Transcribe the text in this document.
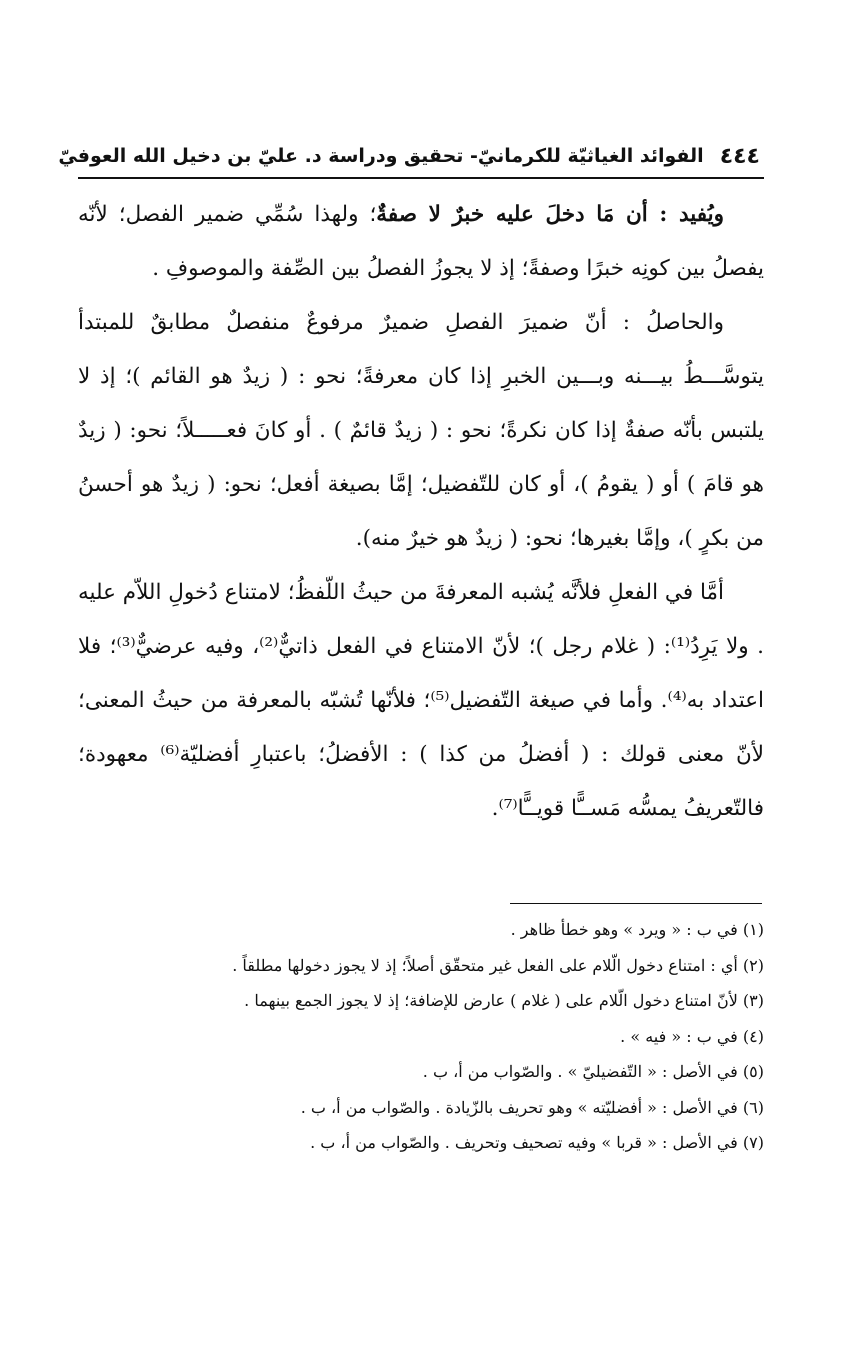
٤٤٤
الفوائد الغياثيّة للكرمانيّ- تحقيق ودراسة د. عليّ بن دخيل الله العوفيّ

ويُفيد : أن مَا دخلَ عليه خبرٌ لا صفةٌ؛ ولهذا سُمِّي ضمير الفصل؛ لأنّه يفصلُ بين كونِه خبرًا وصفةً؛ إذ لا يجوزُ الفصلُ بين الصِّفة والموصوفِ .

والحاصلُ : أنّ ضميرَ الفصلِ ضميرٌ مرفوعٌ منفصلٌ مطابقٌ للمبتدأ يتوسَّـــطُ بيـــنه وبـــين الخبرِ إذا كان معرفةً؛ نحو : ( زيدٌ هو القائم )؛ إذ لا يلتبس بأنّه صفةٌ إذا كان نكرةً؛ نحو : ( زيدٌ قائمٌ ) . أو كانَ فعـــــلاً؛ نحو: ( زيدٌ هو قامَ ) أو ( يقومُ )، أو كان للتّفضيل؛ إمَّا بصيغة أفعل؛ نحو: ( زيدٌ هو أحسنُ من بكرٍ )، وإمَّا بغيرها؛ نحو: ( زيدٌ هو خيرٌ منه).

أمَّا في الفعلِ فلأنَّه يُشبه المعرفةَ من حيثُ اللّفظُ؛ لامتناع دُخولِ اللاّم عليه . ولا يَرِدُ⁽¹⁾: ( غلام رجل )؛ لأنّ الامتناع في الفعل ذاتيٌّ⁽²⁾، وفيه عرضيٌّ⁽³⁾؛ فلا اعتداد به⁽⁴⁾. وأما في صيغة التّفضيل⁽⁵⁾؛ فلأنّها تُشبّه بالمعرفة من حيثُ المعنى؛ لأنّ معنى قولك : ( أفضلُ من كذا ) : الأفضلُ؛ باعتبارِ أفضليّة⁽⁶⁾ معهودة؛ فالتّعريفُ يمسُّه مَســًّا قويــًّا⁽⁷⁾.

(١) في ب : « ويرد » وهو خطأ ظاهر .
(٢) أي : امتناع دخول الّلام على الفعل غير متحقّق أصلاً؛ إذ لا يجوز دخولها مطلقاً .
(٣) لأنّ امتناع دخول الّلام على ( غلام ) عارض للإضافة؛ إذ لا يجوز الجمع بينهما .
(٤) في ب : « فيه » .
(٥) في الأصل : « التّفضيليّ » . والصّواب من أ، ب .
(٦) في الأصل : « أفضليّته » وهو تحريف بالزّيادة . والصّواب من أ، ب .
(٧) في الأصل : « قربا » وفيه تصحيف وتحريف . والصّواب من أ، ب .
